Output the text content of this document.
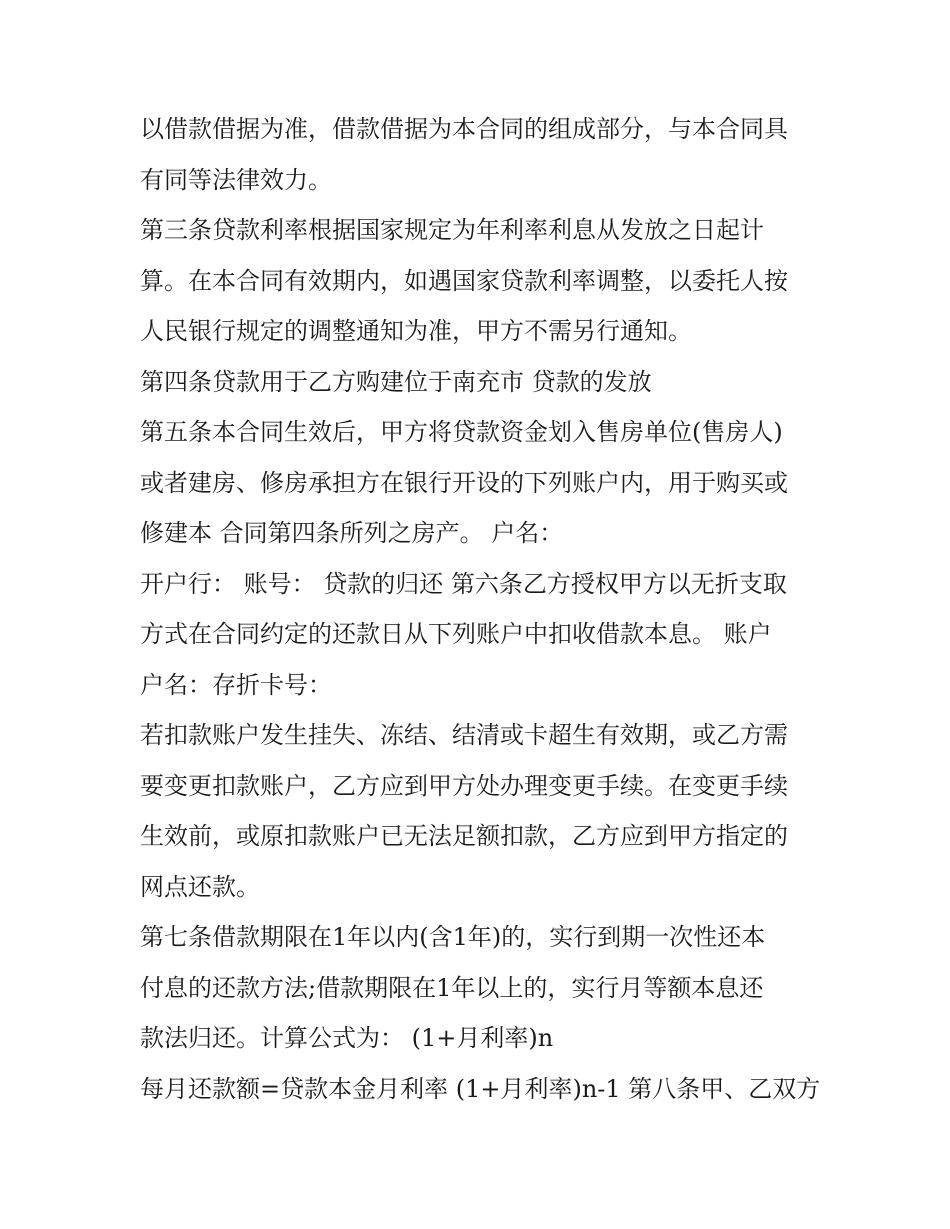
以借款借据为准，借款借据为本合同的组成部分，与本合同具
有同等法律效力。
第三条贷款利率根据国家规定为年利率利息从发放之日起计
算。在本合同有效期内，如遇国家贷款利率调整，以委托人按
人民银行规定的调整通知为准，甲方不需另行通知。
第四条贷款用于乙方购建位于南充市 贷款的发放
第五条本合同生效后，甲方将贷款资金划入售房单位(售房人)
或者建房、修房承担方在银行开设的下列账户内，用于购买或
修建本 合同第四条所列之房产。 户名：
开户行： 账号： 贷款的归还 第六条乙方授权甲方以无折支取
方式在合同约定的还款日从下列账户中扣收借款本息。 账户
户名：存折卡号：
若扣款账户发生挂失、冻结、结清或卡超生有效期，或乙方需
要变更扣款账户，乙方应到甲方处办理变更手续。在变更手续
生效前，或原扣款账户已无法足额扣款，乙方应到甲方指定的
网点还款。
第七条借款期限在1年以内(含1年)的，实行到期一次性还本
付息的还款方法;借款期限在1年以上的，实行月等额本息还
款法归还。计算公式为： (1+月利率)n
每月还款额=贷款本金月利率 (1+月利率)n-1 第八条甲、乙双方
